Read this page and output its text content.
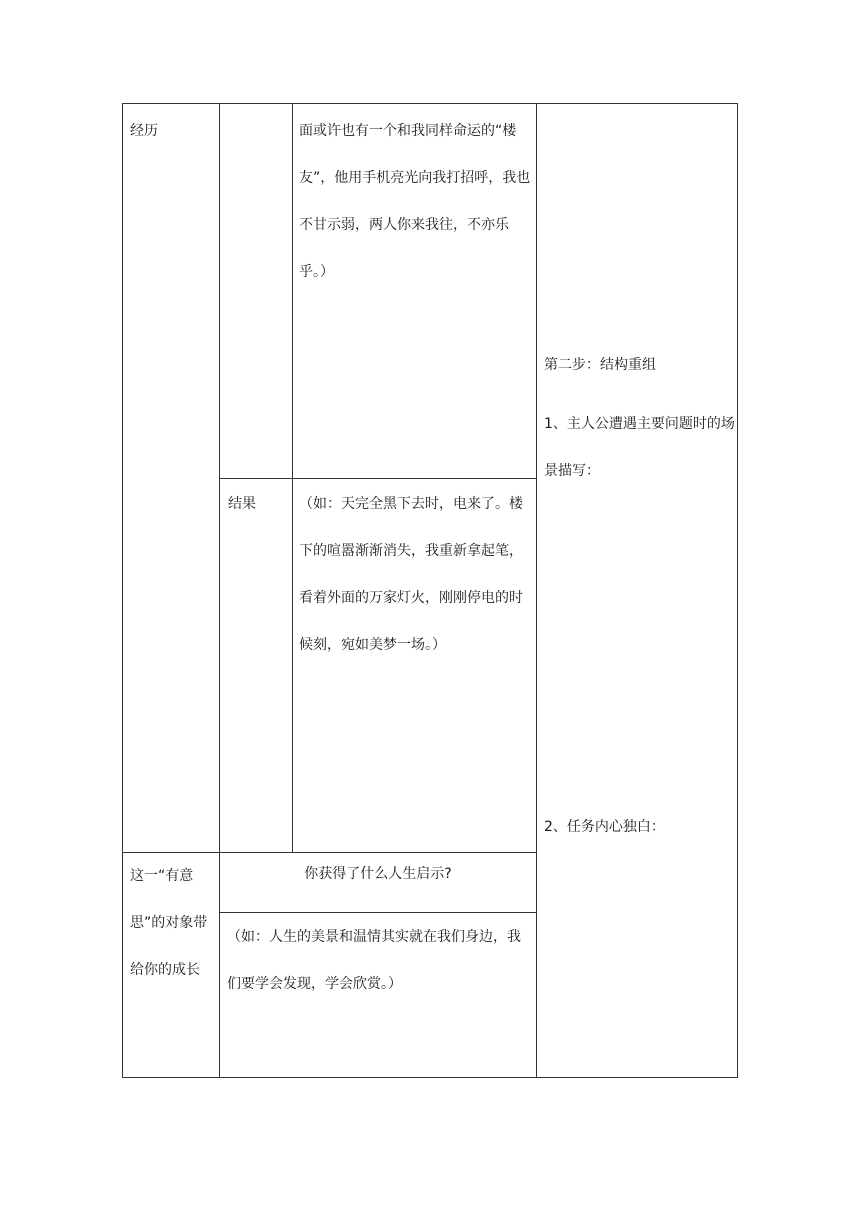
经历	面或许也有一个和我同样命运的“楼友”，他用手机亮光向我打招呼，我也不甘示弱，两人你来我往，不亦乐乎。）
结果	（如：天完全黑下去时，电来了。楼下的喧嚣渐渐消失，我重新拿起笔，看着外面的万家灯火，刚刚停电的时候刻，宛如美梦一场。）
这一“有意思”的对象带给你的成长
你获得了什么人生启示?
（如：人生的美景和温情其实就在我们身边，我们要学会发现，学会欣赏。）
第二步：结构重组
1、主人公遭遇主要问题时的场景描写：
2、任务内心独白：
